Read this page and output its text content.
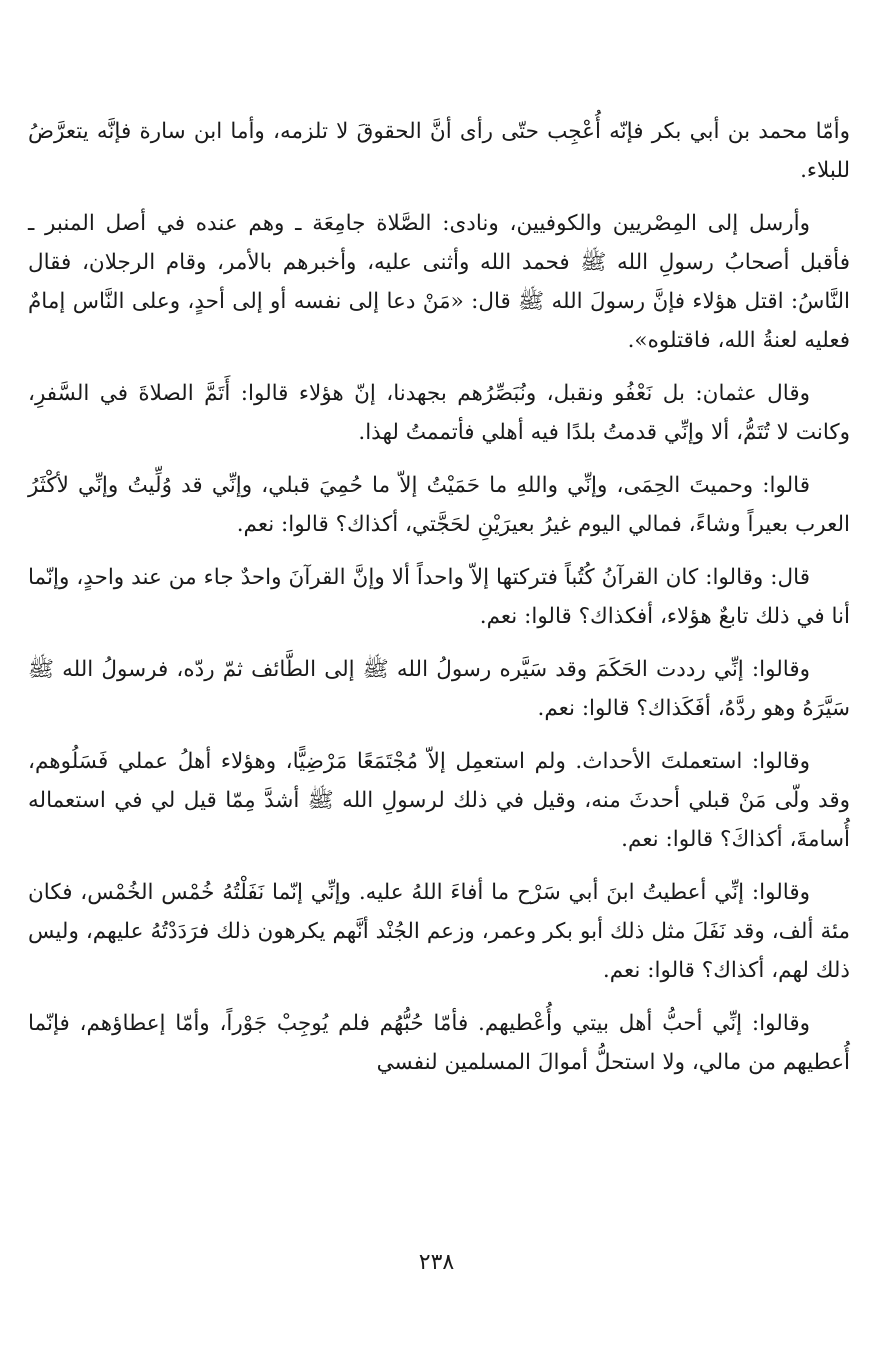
وأمّا محمد بن أبي بكر فإنّه أُعْجِب حتّى رأى أنَّ الحقوقَ لا تلزمه، وأما ابن سارة فإنَّه يتعرَّضُ للبلاء.

وأرسل إلى المِصْريين والكوفيين، ونادى: الصَّلاة جامِعَة ـ وهم عنده في أصل المنبر ـ فأقبل أصحابُ رسولِ الله ﷺ فحمد الله وأثنى عليه، وأخبرهم بالأمر، وقام الرجلان، فقال النَّاسُ: اقتل هؤلاء فإنَّ رسولَ الله ﷺ قال: «مَنْ دعا إلى نفسه أو إلى أحدٍ، وعلى النَّاس إمامٌ فعليه لعنةُ الله، فاقتلوه».

وقال عثمان: بل نَعْفُو ونقبل، ونُبَصِّرُهم بجهدنا، إنّ هؤلاء قالوا: أَتَمَّ الصلاةَ في السَّفرِ، وكانت لا تُتَمُّ، ألا وإنِّي قدمتُ بلدًا فيه أهلي فأتممتُ لهذا.

قالوا: وحميتَ الحِمَى، وإنِّي واللهِ ما حَمَيْتُ إلاّ ما حُمِيَ قبلي، وإنِّي قد وُلِّيتُ وإنِّي لأكْثَرُ العرب بعيراً وشاءً، فمالي اليوم غيرُ بعيرَيْنِ لحَجَّتي، أكذاك؟ قالوا: نعم.

قال: وقالوا: كان القرآنُ كُتُباً فتركتها إلاّ واحداً ألا وإنَّ القرآنَ واحدٌ جاء من عند واحدٍ، وإنّما أنا في ذلك تابعٌ هؤلاء، أفكذاك؟ قالوا: نعم.

وقالوا: إنِّي رددت الحَكَمَ وقد سَيَّره رسولُ الله ﷺ إلى الطَّائف ثمّ ردّه، فرسولُ الله ﷺ سَيَّرَهُ وهو ردَّهُ، أفَكَذاك؟ قالوا: نعم.

وقالوا: استعملتَ الأحداث. ولم استعمِل إلاّ مُجْتَمَعًا مَرْضِيًّا، وهؤلاء أهلُ عملي فَسَلُوهم، وقد ولّى مَنْ قبلي أحدثَ منه، وقيل في ذلك لرسولِ الله ﷺ أشدَّ مِمّا قيل لي في استعماله أُسامةَ، أكذاكَ؟ قالوا: نعم.

وقالوا: إنِّي أعطيتُ ابنَ أبي سَرْح ما أفاءَ اللهُ عليه. وإنِّي إنّما نَفَلْتُهُ خُمْس الخُمْس، فكان مئة ألف، وقد نَفَلَ مثل ذلك أبو بكر وعمر، وزعم الجُنْد أنَّهم يكرهون ذلك فرَدَدْتُهُ عليهم، وليس ذلك لهم، أكذاك؟ قالوا: نعم.

وقالوا: إنِّي أحبُّ أهل بيتي وأُعْطيهم. فأمّا حُبُّهُم فلم يُوجِبْ جَوْراً، وأمّا إعطاؤهم، فإنّما أُعطيهم من مالي، ولا استحلُّ أموالَ المسلمين لنفسي

٢٣٨
